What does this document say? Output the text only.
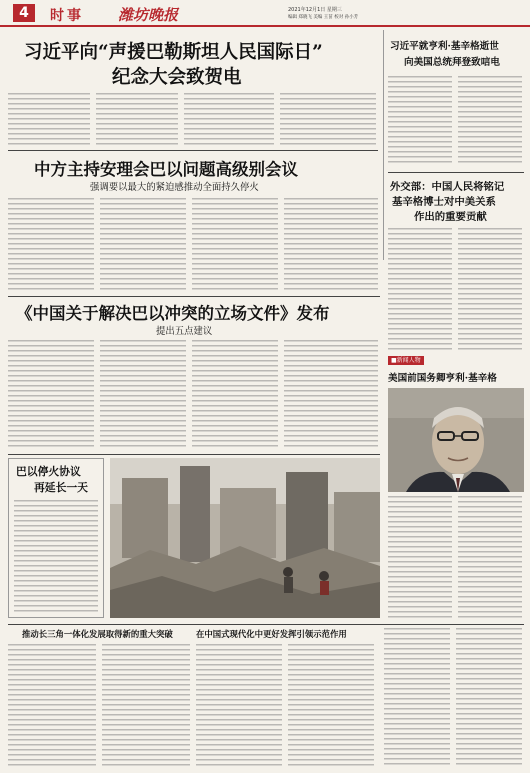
4	时事 潍坊晚报	2021年12月1日 星期三
编辑 郑晓飞 美编 王苗 校对 孙小芳
习近平向“声援巴勒斯坦人民国际日”
纪念大会致贺电
习近平就亨利·基辛格逝世
向美国总统拜登致唁电
中方主持安理会巴以问题高级别会议
强调要以最大的紧迫感推动全面持久停火	外交部：中国人民将铭记
基辛格博士对中美关系
作出的重要贡献
《中国关于解决巴以冲突的立场文件》发布
提出五点建议
■新闻人物
美国前国务卿亨利·基辛格
巴以停火协议
再延长一天
推动长三角一体化发展取得新的重大突破	在中国式现代化中更好发挥引领示范作用
